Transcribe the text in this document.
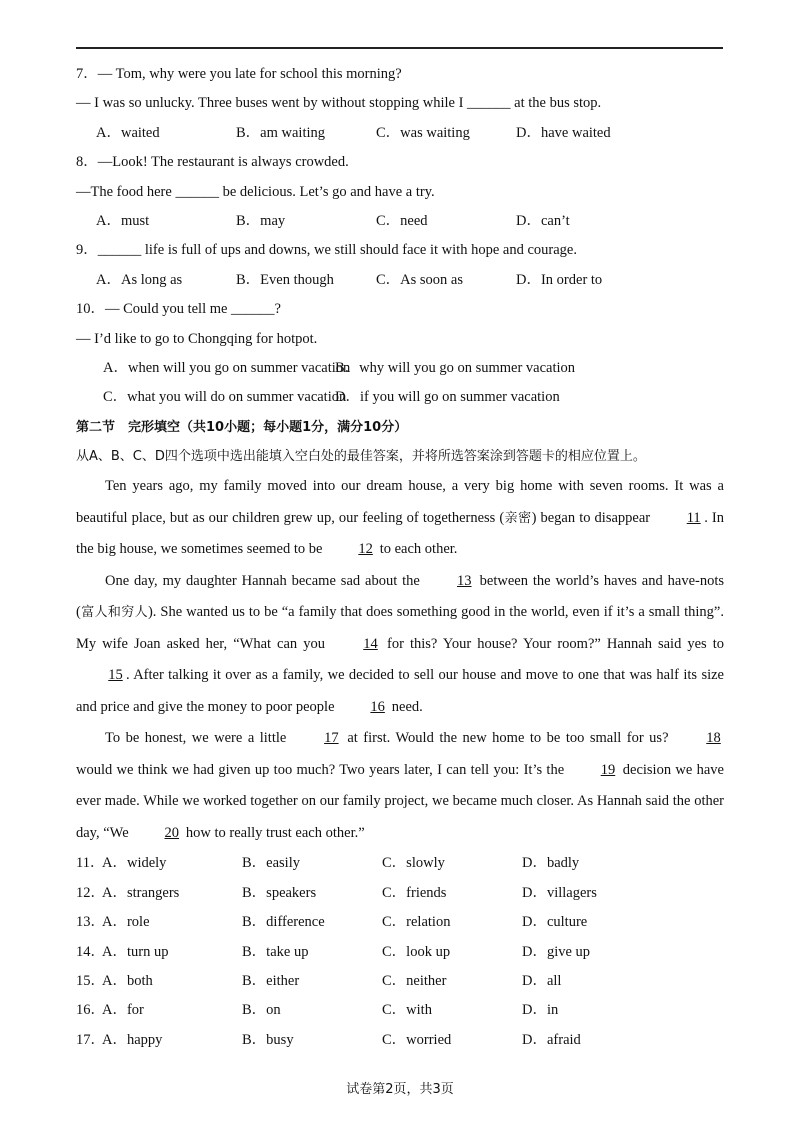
7．— Tom, why were you late for school this morning?
— I was so unlucky. Three buses went by without stopping while I ______ at the bus stop.
A．waited	B．am waiting	C．was waiting	D．have waited
8．—Look! The restaurant is always crowded.
—The food here ______ be delicious. Let’s go and have a try.
A．must	B．may	C．need	D．can’t
9．______ life is full of ups and downs, we still should face it with hope and courage.
A．As long as	B．Even though	C．As soon as	D．In order to
10．— Could you tell me ______?
— I’d like to go to Chongqing for hotpot.
A．when will you go on summer vacation
B．why will you go on summer vacation
C．what you will do on summer vacation
D．if you will go on summer vacation
第二节　完形填空（共10小题；每小题1分，满分10分）
从A、B、C、D四个选项中选出能填入空白处的最佳答案，并将所选答案涂到答题卡的相应位置上。
Ten years ago, my family moved into our dream house, a very big home with seven rooms. It was a beautiful place, but as our children grew up, our feeling of togetherness (亲密) began to disappear 11 . In the big house, we sometimes seemed to be 12 to each other.
One day, my daughter Hannah became sad about the 13 between the world’s haves and have-nots (富人和穷人). She wanted us to be “a family that does something good in the world, even if it’s a small thing”. My wife Joan asked her, “What can you 14 for this? Your house? Your room?” Hannah said yes to 15 . After talking it over as a family, we decided to sell our house and move to one that was half its size and price and give the money to poor people 16 need.
To be honest, we were a little 17 at first. Would the new home to be too small for us? 18 would we think we had given up too much? Two years later, I can tell you: It’s the 19 decision we have ever made. While we worked together on our family project, we became much closer. As Hannah said the other day, “We 20 how to really trust each other.”
11．
A．widely	B．easily	C．slowly	D．badly
12．
A．strangers	B．speakers	C．friends	D．villagers
13．
A．role	B．difference	C．relation	D．culture
14．
A．turn up	B．take up	C．look up	D．give up
15．
A．both	B．either	C．neither	D．all
16．
A．for	B．on	C．with	D．in
17．
A．happy	B．busy	C．worried	D．afraid
试卷第2页，共3页
